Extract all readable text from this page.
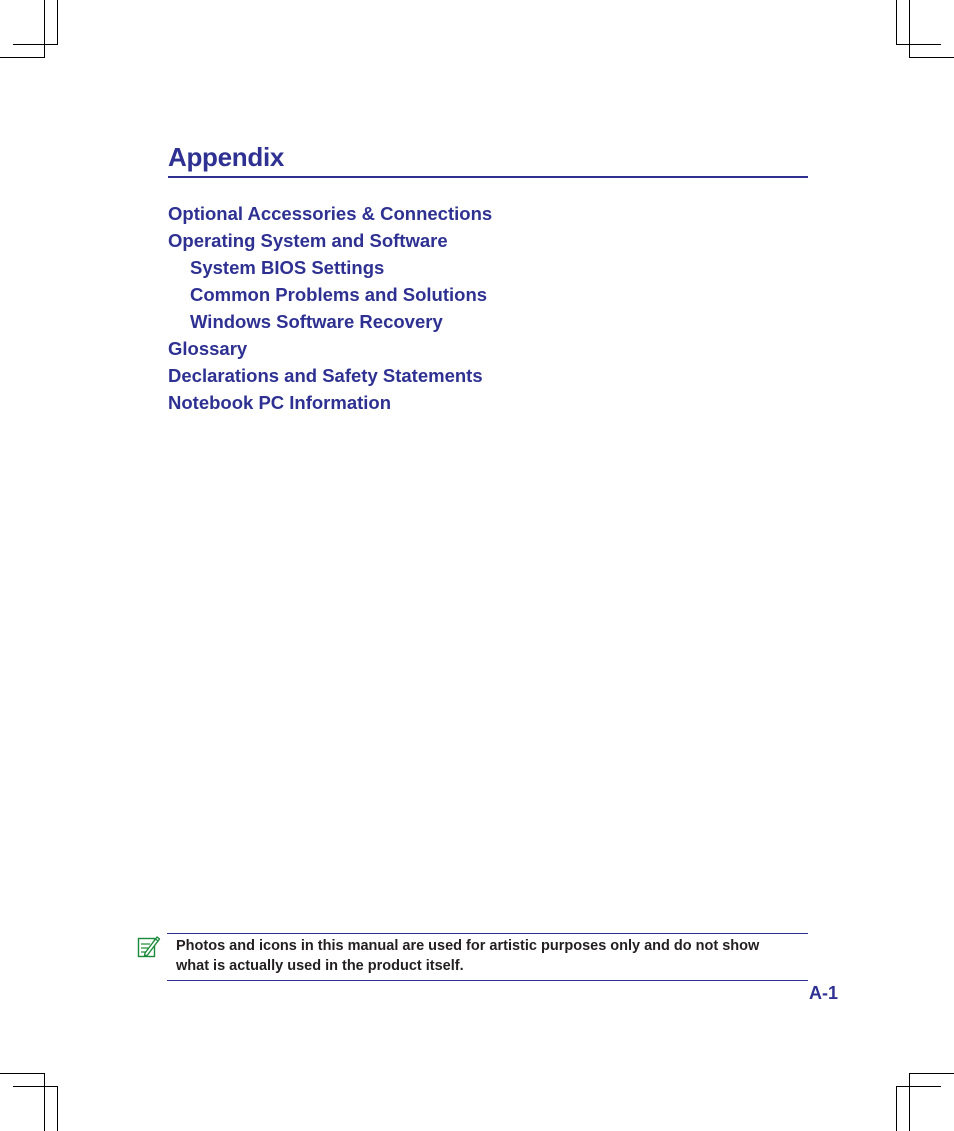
Appendix
Optional Accessories & Connections
Operating System and Software
System BIOS Settings
Common Problems and Solutions
Windows Software Recovery
Glossary
Declarations and Safety Statements
Notebook PC Information

Photos and icons in this manual are used for artistic purposes only and do not show
what is actually used in the product itself.

A-1
